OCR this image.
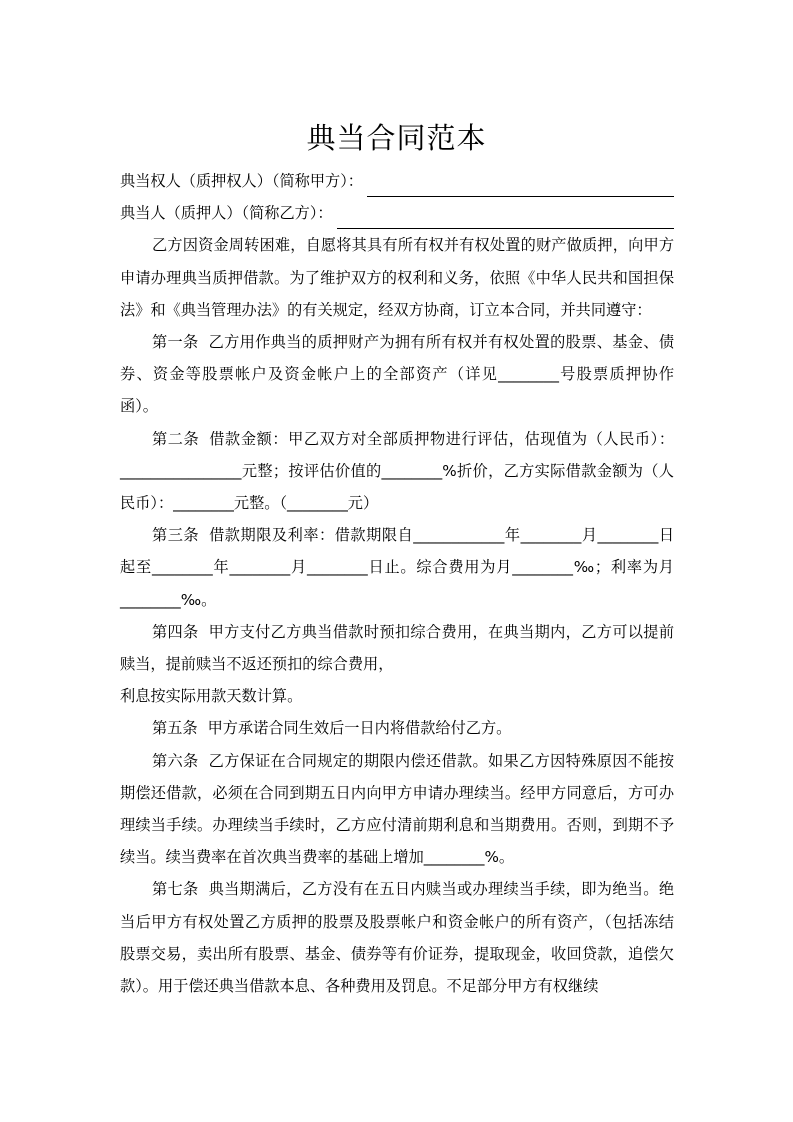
典当合同范本
典当权人（质押权人）（简称甲方）：
典当人（质押人）（简称乙方）：

乙方因资金周转困难，自愿将其具有所有权并有权处置的财产做质押，向甲方申请办理典当质押借款。为了维护双方的权利和义务，依照《中华人民共和国担保法》和《典当管理办法》的有关规定，经双方协商，订立本合同，并共同遵守：

第一条 乙方用作典当的质押财产为拥有所有权并有权处置的股票、基金、债券、资金等股票帐户及资金帐户上的全部资产（详见________号股票质押协作函）。

第二条 借款金额：甲乙双方对全部质押物进行评估，估现值为（人民币）：________________元整；按评估价值的________%折价，乙方实际借款金额为（人民币）：________元整。（________元）

第三条 借款期限及利率：借款期限自____________年________月________日起至________年________月________日止。综合费用为月________‰；利率为月________‰。

第四条 甲方支付乙方典当借款时预扣综合费用，在典当期内，乙方可以提前赎当，提前赎当不返还预扣的综合费用，

利息按实际用款天数计算。

第五条 甲方承诺合同生效后一日内将借款给付乙方。

第六条 乙方保证在合同规定的期限内偿还借款。如果乙方因特殊原因不能按期偿还借款，必须在合同到期五日内向甲方申请办理续当。经甲方同意后，方可办理续当手续。办理续当手续时，乙方应付清前期利息和当期费用。否则，到期不予续当。续当费率在首次典当费率的基础上增加________%。

第七条 典当期满后，乙方没有在五日内赎当或办理续当手续，即为绝当。绝当后甲方有权处置乙方质押的股票及股票帐户和资金帐户的所有资产，（包括冻结股票交易，卖出所有股票、基金、债券等有价证券，提取现金，收回贷款，追偿欠款）。用于偿还典当借款本息、各种费用及罚息。不足部分甲方有权继续
